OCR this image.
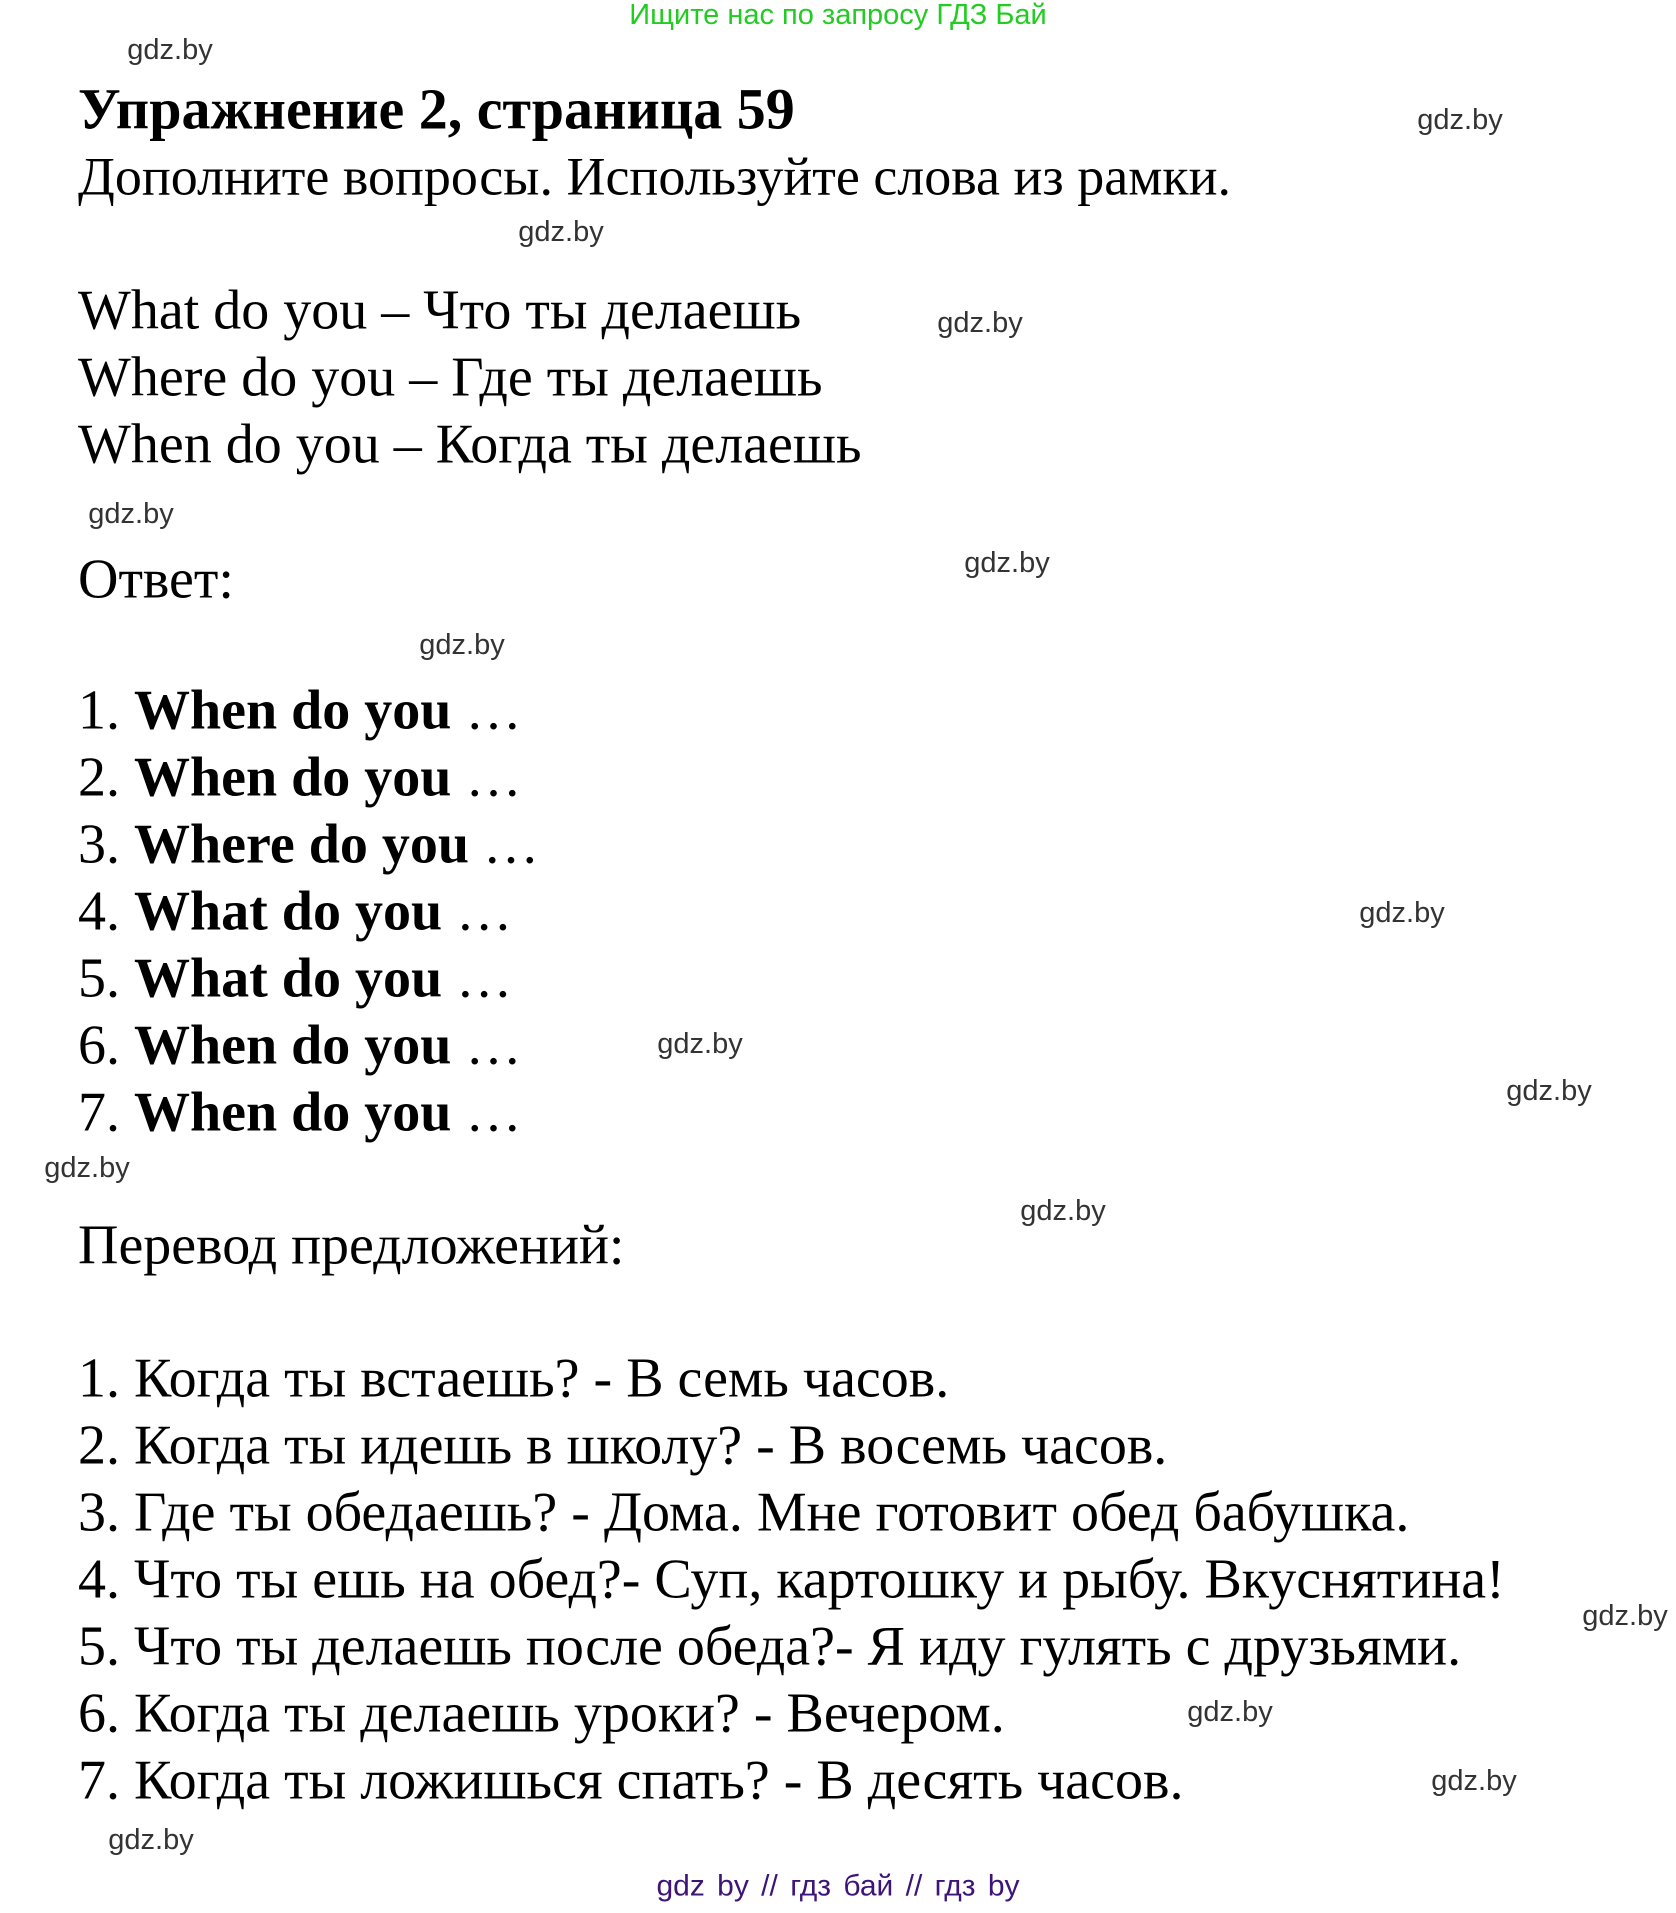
Ищите нас по запросу ГДЗ Бай
Упражнение 2, страница 59
Дополните вопросы. Используйте слова из рамки.
What do you – Что ты делаешь
Where do you – Где ты делаешь
When do you – Когда ты делаешь
Ответ:
1. When do you …
2. When do you …
3. Where do you …
4. What do you …
5. What do you …
6. When do you …
7. When do you …
Перевод предложений:
1. Когда ты встаешь? - В семь часов.
2. Когда ты идешь в школу? - В восемь часов.
3. Где ты обедаешь? - Дома. Мне готовит обед бабушка.
4. Что ты ешь на обед?- Суп, картошку и рыбу. Вкуснятина!
5. Что ты делаешь после обеда?- Я иду гулять с друзьями.
6. Когда ты делаешь уроки? - Вечером.
7. Когда ты ложишься спать? - В десять часов.
gdz.by
gdz.by
gdz.by
gdz.by
gdz.by
gdz.by
gdz.by
gdz.by
gdz.by
gdz.by
gdz.by
gdz.by
gdz.by
gdz.by
gdz.by
gdz.by
gdz by // гдз бай // гдз by
